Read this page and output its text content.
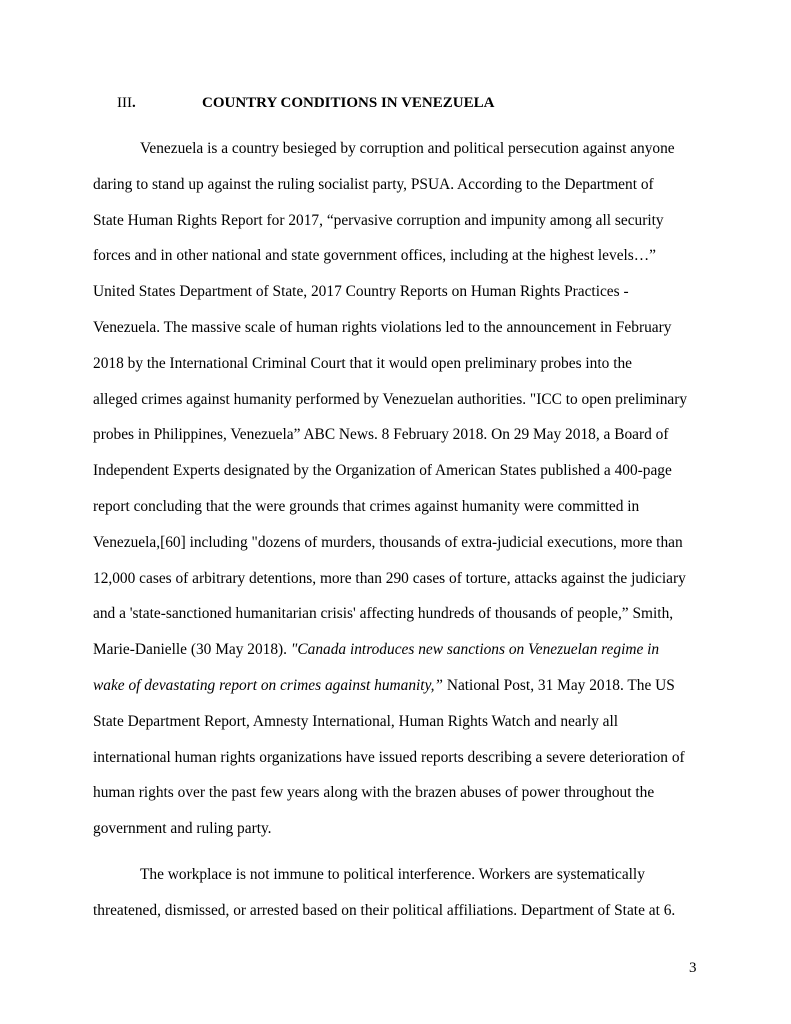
III.	COUNTRY CONDITIONS IN VENEZUELA
Venezuela is a country besieged by corruption and political persecution against anyone
daring to stand up against the ruling socialist party, PSUA. According to the Department of
State Human Rights Report for 2017, “pervasive corruption and impunity among all security
forces and in other national and state government offices, including at the highest levels…”
United States Department of State, 2017 Country Reports on Human Rights Practices -
Venezuela. The massive scale of human rights violations led to the announcement in February
2018 by the International Criminal Court that it would open preliminary probes into the
alleged crimes against humanity performed by Venezuelan authorities. "ICC to open preliminary
probes in Philippines, Venezuela” ABC News. 8 February 2018. On 29 May 2018, a Board of
Independent Experts designated by the Organization of American States published a 400-page
report concluding that the were grounds that crimes against humanity were committed in
Venezuela,[60] including "dozens of murders, thousands of extra-judicial executions, more than
12,000 cases of arbitrary detentions, more than 290 cases of torture, attacks against the judiciary
and a 'state-sanctioned humanitarian crisis' affecting hundreds of thousands of people,” Smith,
Marie-Danielle (30 May 2018). "Canada introduces new sanctions on Venezuelan regime in
wake of devastating report on crimes against humanity,” National Post, 31 May 2018. The US
State Department Report, Amnesty International, Human Rights Watch and nearly all
international human rights organizations have issued reports describing a severe deterioration of
human rights over the past few years along with the brazen abuses of power throughout the
government and ruling party.
The workplace is not immune to political interference. Workers are systematically
threatened, dismissed, or arrested based on their political affiliations. Department of State at 6.
3
